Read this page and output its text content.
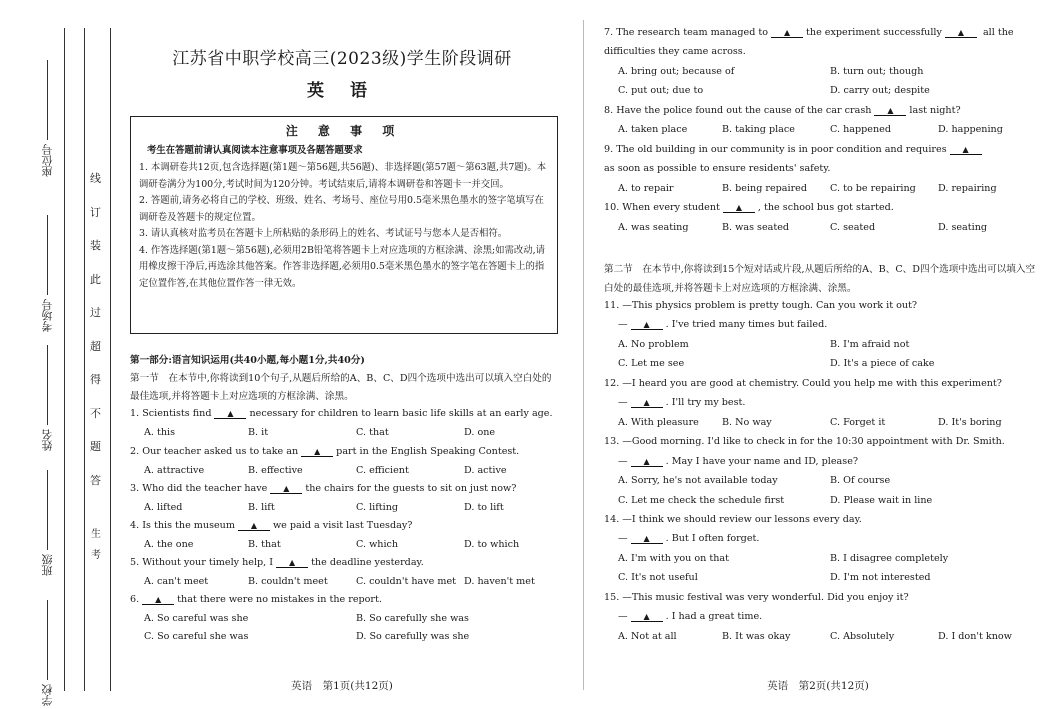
座位号
考场号
姓名
班级
学校
线
订
装
此
过
超
得
不
题
答
生
考
江苏省中职学校高三(2023级)学生阶段调研
英 语
注 意 事 项
考生在答题前请认真阅读本注意事项及各题答题要求
1. 本调研卷共12页,包含选择题(第1题～第56题,共56题)、非选择题(第57题～第63题,共7题)。本调研卷满分为100分,考试时间为120分钟。考试结束后,请将本调研卷和答题卡一并交回。
2. 答题前,请务必将自己的学校、班级、姓名、考场号、座位号用0.5毫米黑色墨水的签字笔填写在调研卷及答题卡的规定位置。
3. 请认真核对监考员在答题卡上所粘贴的条形码上的姓名、考试证号与您本人是否相符。
4. 作答选择题(第1题～第56题),必须用2B铅笔将答题卡上对应选项的方框涂满、涂黑;如需改动,请用橡皮擦干净后,再选涂其他答案。作答非选择题,必须用0.5毫米黑色墨水的签字笔在答题卡上的指定位置作答,在其他位置作答一律无效。
第一部分:语言知识运用(共40小题,每小题1分,共40分)
第一节　在本节中,你将读到10个句子,从题后所给的A、B、C、D四个选项中选出可以填入空白处的最佳选项,并将答题卡上对应选项的方框涂满、涂黑。
1. Scientists find ▲	necessary for children to learn basic life skills at an early age.
A. this	B. it	C. that	D. one
2. Our teacher asked us to take an ▲	part in the English Speaking Contest.
A. attractive	B. effective	C. efficient	D. active
3. Who did the teacher have ▲	the chairs for the guests to sit on just now?
A. lifted	B. lift	C. lifting	D. to lift
4. Is this the museum ▲	we paid a visit last Tuesday?
A. the one	B. that	C. which	D. to which
5. Without your timely help, I ▲	the deadline yesterday.
A. can't meet	B. couldn't meet	C. couldn't have met D. haven't met
6. ▲	that there were no mistakes in the report.
A. So careful was she	B. So carefully she was
C. So careful she was	D. So carefully was she
英语　第1页(共12页)
7. The research team managed to ▲	the experiment successfully ▲	all the
A. bring out; because of	B. turn out; though
C. put out; due to	D. carry out; despite
8. Have the police found out the cause of the car crash ▲	last night?
A. taken place	B. taking place	C. happened	D. happening
9. The old building in our community is in poor condition and requires▲
A. to repair	B. being repaired	C. to be repairing	D. repairing
10. When every student ▲	, the school bus got started.
A. was seating	B. was seated	C. seated	D. seating
第二节　在本节中,你将读到15个短对话或片段,从题后所给的A、B、C、D四个选项中选出可以填入空白处的最佳选项,并将答题卡上对应选项的方框涂满、涂黑。
11. —This physics problem is pretty tough. Can you work it out?
— ▲	. I've tried many times but failed.
A. No problem	B. I'm afraid not
C. Let me see	D. It's a piece of cake
12. —I heard you are good at chemistry. Could you help me with this experiment?
— ▲	. I'll try my best.
A. With pleasure	B. No way	C. Forget it	D. It's boring
13. —Good morning. I'd like to check in for the 10:30 appointment with Dr. Smith.
— ▲	. May I have your name and ID, please?
A. Sorry, he's not available today	B. Of course
C. Let me check the schedule first	D. Please wait in line
14. —I think we should review our lessons every day.
— ▲	. But I often forget.
A. I'm with you on that	B. I disagree completely
C. It's not useful	D. I'm not interested
15. —This music festival was very wonderful. Did you enjoy it?
— ▲	. I had a great time.
A. Not at all	B. It was okay	C. Absolutely	D. I don't know
as soon as possible to ensure residents' safety.
difficulties they came across.
英语　第2页(共12页)
